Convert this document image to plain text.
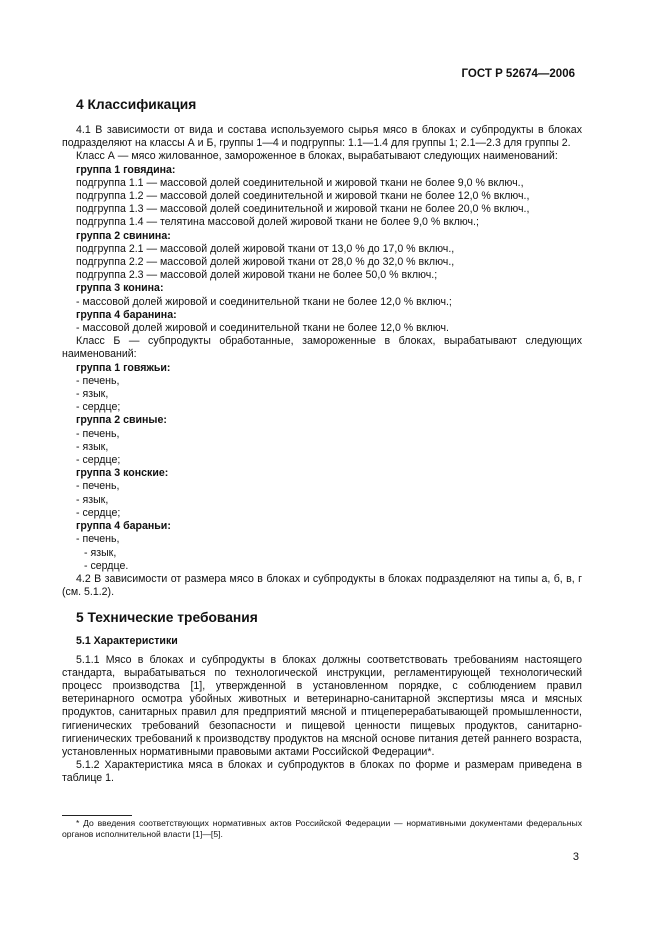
ГОСТ Р 52674—2006
4 Классификация

4.1 В зависимости от вида и состава используемого сырья мясо в блоках и субпродукты в блоках подразделяют на классы А и Б, группы 1—4 и подгруппы: 1.1—1.4 для группы 1; 2.1—2.3 для группы 2.

Класс А — мясо жилованное, замороженное в блоках, вырабатывают следующих наименований:

группа 1 говядина:

подгруппа 1.1 — массовой долей соединительной и жировой ткани не более 9,0 % включ.,

подгруппа 1.2 — массовой долей соединительной и жировой ткани не более 12,0 % включ.,

подгруппа 1.3 — массовой долей соединительной и жировой ткани не более 20,0 % включ.,

подгруппа 1.4 — телятина массовой долей жировой ткани не более 9,0 % включ.;

группа 2 свинина:

подгруппа 2.1 — массовой долей жировой ткани от 13,0 % до 17,0 % включ.,

подгруппа 2.2 — массовой долей жировой ткани от 28,0 % до 32,0 % включ.,

подгруппа 2.3 — массовой долей жировой ткани не более 50,0 % включ.;

группа 3 конина:

- массовой долей жировой и соединительной ткани не более 12,0 % включ.;

группа 4 баранина:

- массовой долей жировой и соединительной ткани не более 12,0 % включ.

Класс Б — субпродукты обработанные, замороженные в блоках, вырабатывают следующих наименований:

группа 1 говяжьи:

- печень,

- язык,

- сердце;

группа 2 свиные:

- печень,

- язык,

- сердце;

группа 3 конские:

- печень,

- язык,

- сердце;

группа 4 бараньи:

- печень,

- язык,

- сердце.

4.2 В зависимости от размера мясо в блоках и субпродукты в блоках подразделяют на типы а, б, в, г (см. 5.1.2).

5 Технические требования
5.1 Характеристики

5.1.1 Мясо в блоках и субпродукты в блоках должны соответствовать требованиям настоящего стандарта, вырабатываться по технологической инструкции, регламентирующей технологический процесс производства [1], утвержденной в установленном порядке, с соблюдением правил ветеринарного осмотра убойных животных и ветеринарно-санитарной экспертизы мяса и мясных продуктов, санитарных правил для предприятий мясной и птицеперерабатывающей промышленности, гигиенических требований безопасности и пищевой ценности пищевых продуктов, санитарно-гигиенических требований к производству продуктов на мясной основе питания детей раннего возраста, установленных нормативными правовыми актами Российской Федерации*.

5.1.2 Характеристика мяса в блоках и субпродуктов в блоках по форме и размерам приведена в таблице 1.

* До введения соответствующих нормативных актов Российской Федерации — нормативными документами федеральных органов исполнительной власти [1]—[5].

3
